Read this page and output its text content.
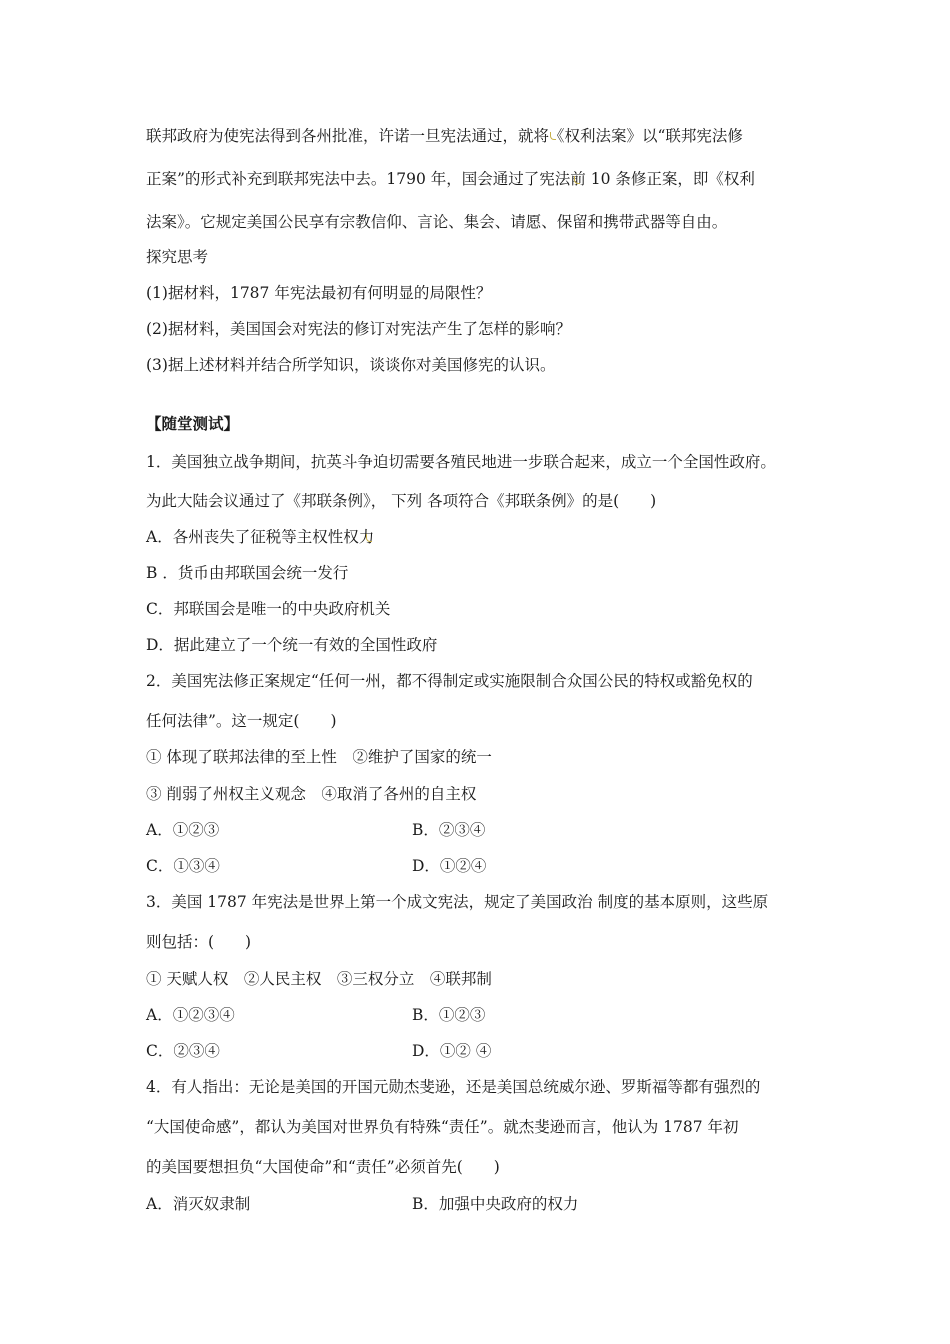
联邦政府为使宪法得到各州批准，许诺一旦宪法通过，就将《权利法案》以“联邦宪法修
正案”的形式补充到联邦宪法中去。1790 年，国会通过了宪法前 10 条修正案，即《权利
法案》。它规定美国公民享有宗教信仰、言论、集会、请愿、保留和携带武器等自由。
探究思考
(1)据材料，1787 年宪法最初有何明显的局限性？
(2)据材料，美国国会对宪法的修订对宪法产生了怎样的影响？
(3)据上述材料并结合所学知识，谈谈你对美国修宪的认识。
【随堂测试】
1．美国独立战争期间，抗英斗争迫切需要各殖民地进一步联合起来，成立一个全国性政府。
为此大陆会议通过了《邦联条例》， 下列 各项符合《邦联条例》的是(　　)
A．各州丧失了征税等主权性权力
B ．货币由邦联国会统一发行
C．邦联国会是唯一的中央政府机关
D．据此建立了一个统一有效的全国性政府
2．美国宪法修正案规定“任何一州，都不得制定或实施限制合众国公民的特权或豁免权的
任何法律”。这一规定(　　)
① 体现了联邦法律的至上性　②维护了国家的统一
③ 削弱了州权主义观念　④取消了各州的自主权
A．①②③	B．②③④
C．①③④	D．①②④
3．美国 1787 年宪法是世界上第一个成文宪法，规定了美国政治 制度的基本原则，这些原
则包括：(　　)
① 天赋人权　②人民主权　③三权分立　④联邦制
A．①②③④	B．①②③
C．②③④	D．①② ④
4．有人指出：无论是美国的开国元勋杰斐逊，还是美国总统威尔逊、罗斯福等都有强烈的
“大国使命感”，都认为美国对世界负有特殊“责任”。就杰斐逊而言，他认为 1787 年初
的美国要想担负“大国使命”和“责任”必须首先(　　)
A．消灭奴隶制	B．加强中央政府的权力
